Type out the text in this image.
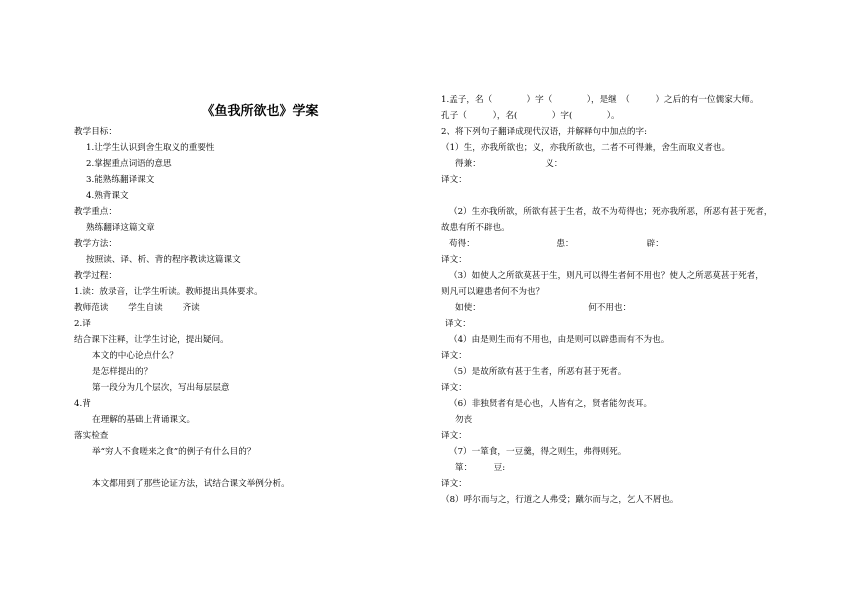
《鱼我所欲也》学案
教学目标：
1.让学生认识到舍生取义的重要性
2.掌握重点词语的意思
3.能熟练翻译课文
4.熟背课文
教学重点：
熟练翻译这篇文章
教学方法：
按照读、译、析、背的程序教读这篇课文
教学过程：
1.读：放录音，让学生听读。教师提出具体要求。
教师范读　　 学生自读　　 齐读
2.译
结合课下注释，让学生讨论，提出疑问。
本文的中心论点什么？
是怎样提出的？
第一段分为几个层次，写出每层层意
4.背
在理解的基础上背诵课文。
落实检查
举“穷人不食嗟来之食”的例子有什么目的？
本文都用到了那些论证方法，试结合课文举例分析。
1.孟子，名（　　　　）字（　　　　），是继　（　　　）之后的有一位儒家大师。
孔子（　　　），名(　　　　）字(　　　　）。
2、将下列句子翻译成现代汉语，并解释句中加点的字:
（1）生，亦我所欲也；义，亦我所欲也，二者不可得兼，舍生而取义者也。
得兼：　　　　　　　　义：
译文：
（2）生亦我所欲，所欲有甚于生者，故不为苟得也；死亦我所恶，所恶有甚于死者，
故患有所不辟也。
苟得：　　　　　　　　　　患：　　　　　　　　　辟：
译文：
（3）如使人之所欲莫甚于生，则凡可以得生者何不用也？使人之所恶莫甚于死者，
则凡可以避患者何不为也？
如使：　　　　　　　　　　　　　何不用也：
译文：
（4）由是则生而有不用也，由是则可以辟患而有不为也。
译文：
（5）是故所欲有甚于生者，所恶有甚于死者。
译文：
（6）非独贤者有是心也，人皆有之，贤者能勿丧耳。
勿丧
译文：
（7）一箪食，一豆羹，得之则生，弗得则死。
箪：　　　豆:
译文：
（8）呼尔而与之，行道之人弗受；蹴尔而与之，乞人不屑也。
